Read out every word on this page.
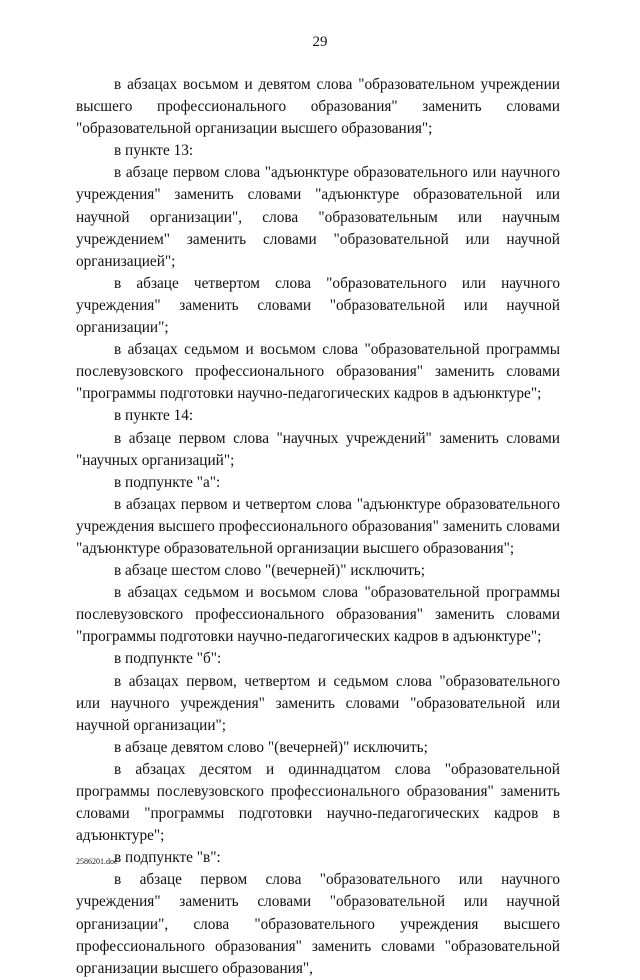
29

в абзацах восьмом и девятом слова "образовательном учреждении высшего профессионального образования" заменить словами "образовательной организации высшего образования";

в пункте 13:

в абзаце первом слова "адъюнктуре образовательного или научного учреждения" заменить словами "адъюнктуре образовательной или научной организации", слова "образовательным или научным учреждением" заменить словами "образовательной или научной организацией";

в абзаце четвертом слова "образовательного или научного учреждения" заменить словами "образовательной или научной организации";

в абзацах седьмом и восьмом слова "образовательной программы послевузовского профессионального образования" заменить словами "программы подготовки научно-педагогических кадров в адъюнктуре";

в пункте 14:

в абзаце первом слова "научных учреждений" заменить словами "научных организаций";

в подпункте "а":

в абзацах первом и четвертом слова "адъюнктуре образовательного учреждения высшего профессионального образования" заменить словами "адъюнктуре образовательной организации высшего образования";

в абзаце шестом слово "(вечерней)" исключить;

в абзацах седьмом и восьмом слова "образовательной программы послевузовского профессионального образования" заменить словами "программы подготовки научно-педагогических кадров в адъюнктуре";

в подпункте "б":

в абзацах первом, четвертом и седьмом слова "образовательного или научного учреждения" заменить словами "образовательной или научной организации";

в абзаце девятом слово "(вечерней)" исключить;

в абзацах десятом и одиннадцатом слова "образовательной программы послевузовского профессионального образования" заменить словами "программы подготовки научно-педагогических кадров в адъюнктуре";

в подпункте "в":

в абзаце первом слова "образовательного или научного учреждения" заменить словами "образовательной или научной организации", слова "образовательного учреждения высшего профессионального образования" заменить словами "образовательной организации высшего образования",

2586201.doc
